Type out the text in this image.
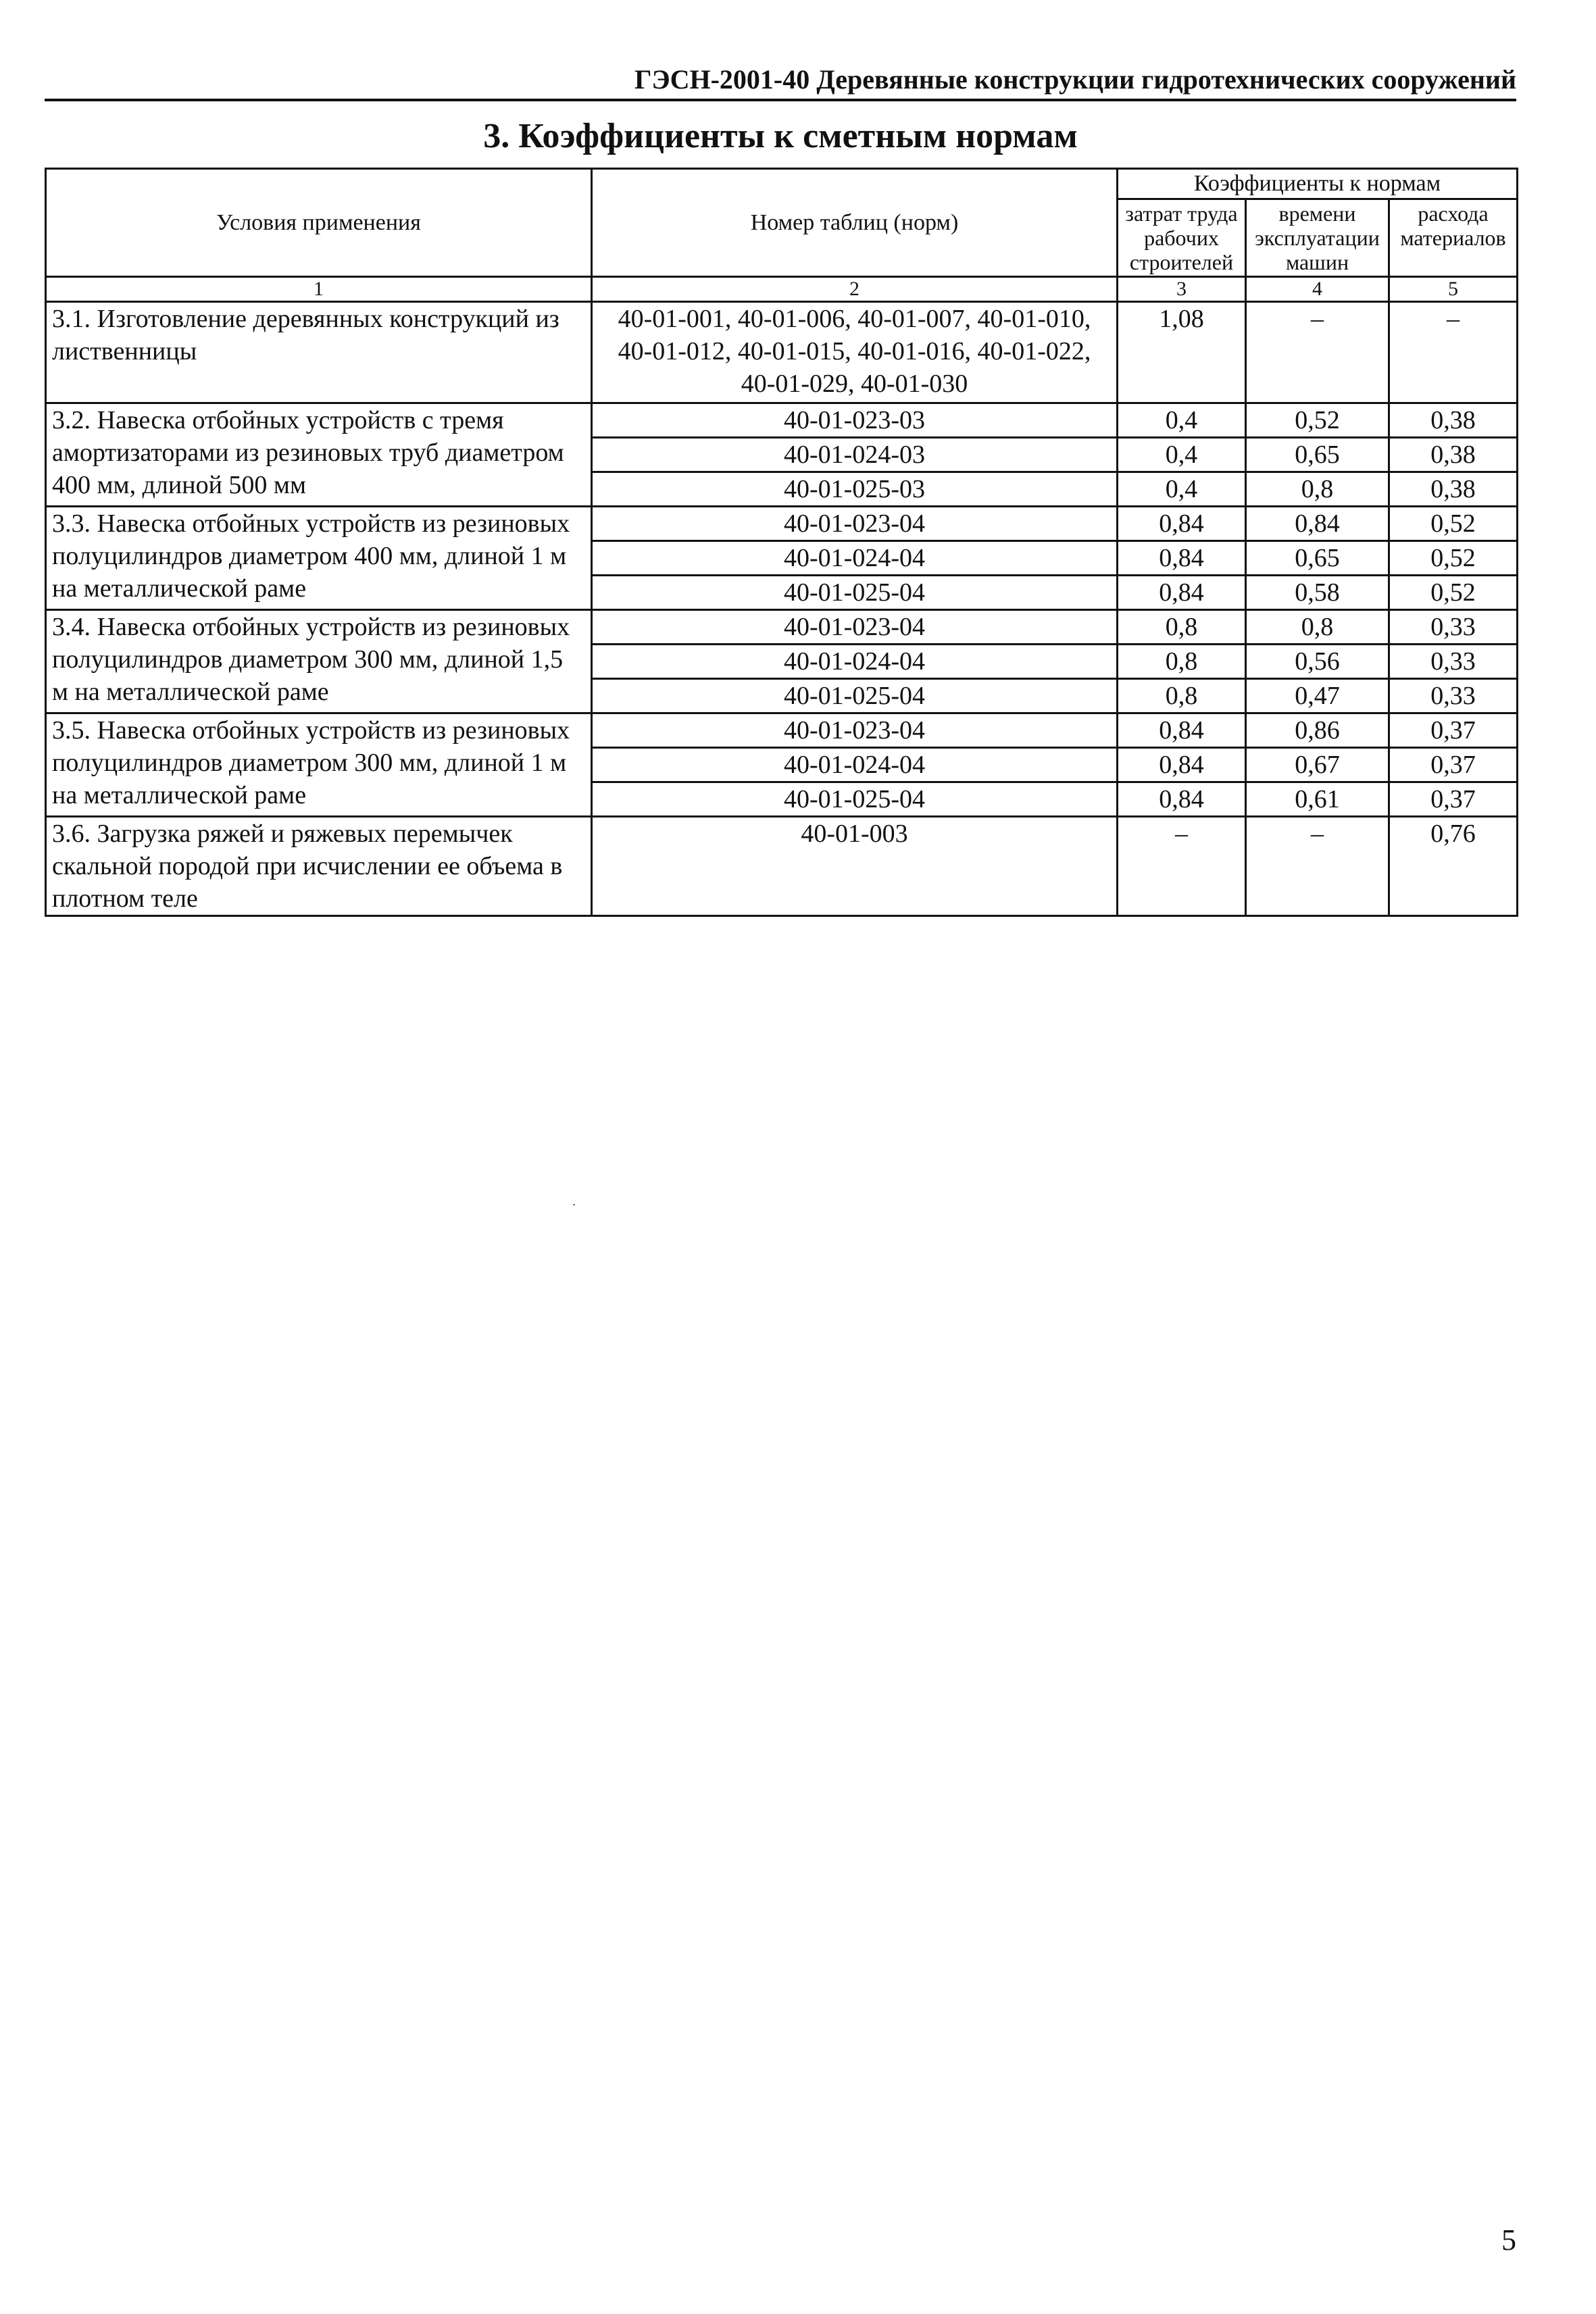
ГЭСН-2001-40 Деревянные конструкции гидротехнических сооружений
3. Коэффициенты к сметным нормам
Условия применения	Номер таблиц (норм)	Коэффициенты к нормам		
		затрат труда рабочих строителей	времени эксплуатации машин	расхода материалов
1	2	3	4	5
3.1. Изготовление деревянных конструкций из лиственницы	40-01-001, 40-01-006, 40-01-007, 40-01-010, 40-01-012, 40-01-015, 40-01-016, 40-01-022, 40-01-029, 40-01-030	1,08	–	–
3.2. Навеска отбойных устройств с тремя амортизаторами из резиновых труб диаметром 400 мм, длиной 500 мм	40-01-023-03	0,4	0,52	0,38
	40-01-024-03	0,4	0,65	0,38
	40-01-025-03	0,4	0,8	0,38
3.3. Навеска отбойных устройств из резиновых полуцилиндров диаметром 400 мм, длиной 1 м на металлической раме	40-01-023-04	0,84	0,84	0,52
	40-01-024-04	0,84	0,65	0,52
	40-01-025-04	0,84	0,58	0,52
3.4. Навеска отбойных устройств из резиновых полуцилиндров диаметром 300 мм, длиной 1,5 м на металлической раме	40-01-023-04	0,8	0,8	0,33
	40-01-024-04	0,8	0,56	0,33
	40-01-025-04	0,8	0,47	0,33
3.5. Навеска отбойных устройств из резиновых полуцилиндров диаметром 300 мм, длиной 1 м на металлической раме	40-01-023-04	0,84	0,86	0,37
	40-01-024-04	0,84	0,67	0,37
	40-01-025-04	0,84	0,61	0,37
3.6. Загрузка ряжей и ряжевых перемычек скальной породой при исчислении ее объема в плотном теле	40-01-003	–	–	0,76
5
